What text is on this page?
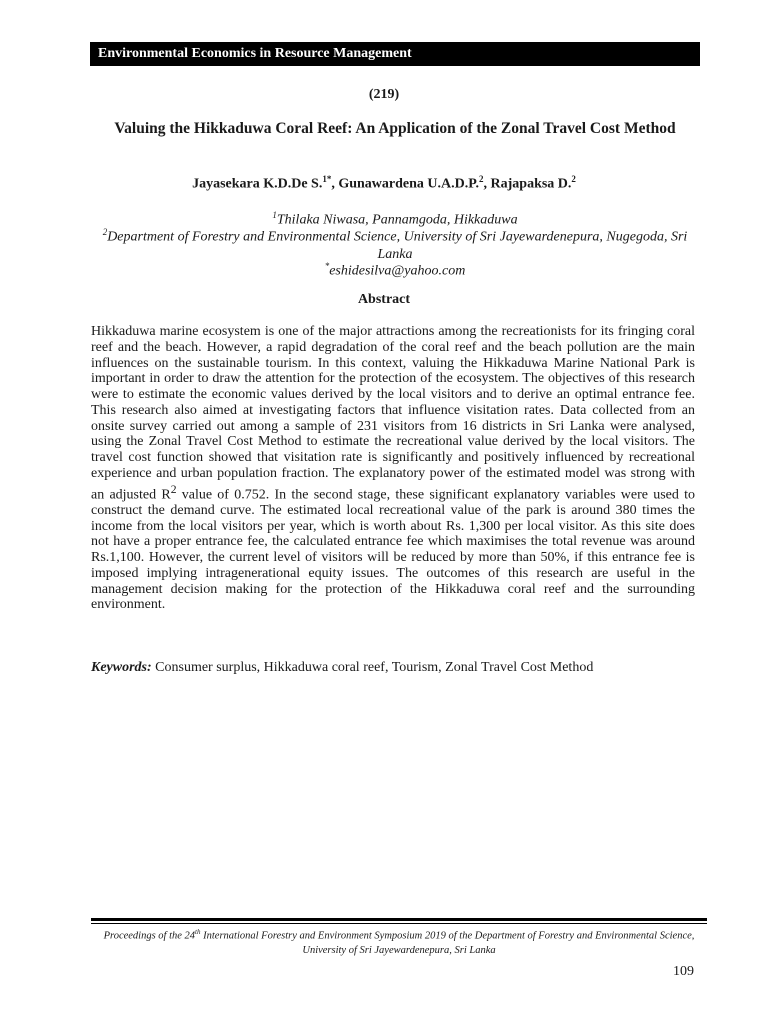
Environmental Economics in Resource Management
(219)
Valuing the Hikkaduwa Coral Reef: An Application of the Zonal Travel Cost Method
Jayasekara K.D.De S.$^{1*}$, Gunawardena U.A.D.P.$^2$, Rajapaksa D.$^2$
$^1$Thilaka Niwasa, Pannamgoda, Hikkaduwa
$^2$Department of Forestry and Environmental Science, University of Sri Jayewardenepura, Nugegoda, Sri Lanka
*eshidesilva@yahoo.com
Abstract
Hikkaduwa marine ecosystem is one of the major attractions among the recreationists for its fringing coral reef and the beach. However, a rapid degradation of the coral reef and the beach pollution are the main influences on the sustainable tourism. In this context, valuing the Hikkaduwa Marine National Park is important in order to draw the attention for the protection of the ecosystem. The objectives of this research were to estimate the economic values derived by the local visitors and to derive an optimal entrance fee. This research also aimed at investigating factors that influence visitation rates. Data collected from an onsite survey carried out among a sample of 231 visitors from 16 districts in Sri Lanka were analysed, using the Zonal Travel Cost Method to estimate the recreational value derived by the local visitors. The travel cost function showed that visitation rate is significantly and positively influenced by recreational experience and urban population fraction. The explanatory power of the estimated model was strong with an adjusted $R^2$ value of 0.752. In the second stage, these significant explanatory variables were used to construct the demand curve. The estimated local recreational value of the park is around 380 times the income from the local visitors per year, which is worth about Rs. 1,300 per local visitor. As this site does not have a proper entrance fee, the calculated entrance fee which maximises the total revenue was around Rs.1,100. However, the current level of visitors will be reduced by more than 50%, if this entrance fee is imposed implying intragenerational equity issues. The outcomes of this research are useful in the management decision making for the protection of the Hikkaduwa coral reef and the surrounding environment.
Keywords: Consumer surplus, Hikkaduwa coral reef, Tourism, Zonal Travel Cost Method
Proceedings of the 24th International Forestry and Environment Symposium 2019 of the Department of Forestry and Environmental Science, University of Sri Jayewardenepura, Sri Lanka
109
